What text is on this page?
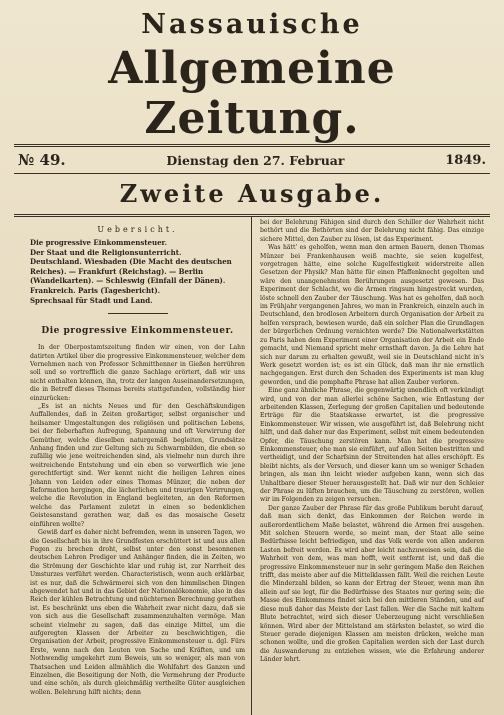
Nassauische
Allgemeine Zeitung.
№ 49.	Dienstag den 27. Februar	1849.
Zweite Ausgabe.
Uebersicht.

Die progressive Einkommensteuer.

Der Staat und die Religionsunterricht.

Deutschland. Wiesbaden (Die Macht des deutschen Reiches). — Frankfurt (Reichstag). — Berlin (Wandelkarten). — Schleswig (Einfall der Dänen).

Frankreich. Paris (Tagesbericht).

Sprechsaal für Stadt und Land.

Die progressive Einkommensteuer.

In der Oberpostamtszeitung finden wir einen, von der Lahn datirten Artikel über die progressive Einkommensteuer, welcher dem Vernehmen nach von Professor Schmitthenner in Gießen herrühren soll und so vortrefflich die ganze Sachlage erörtert, daß wir uns nicht enthalten können, ihn, trotz der langen Auseinandersetzungen, die in Betreff dieses Themas bereits stattgefunden, vollständig hier einzurücken:

„Es ist an nichts Neues und für den Geschäftskundigen Auffallendes, daß in Zeiten großartiger, selbst organischer und heilsamer Umgestaltungen des religiösen und politischen Lebens, bei der fieberhaften Aufregung, Spannung und oft Verwirrung der Gemüther, welche dieselben naturgemäß begleiten, Grundsätze Anhang finden und zur Geltung sich zu Schwarmbilden, die eben so zufällig wie jene weitreichenden sind, als vielmehr nun durch ihre weitreichende Entstehung und ein eben so verwerflich wie jene gerechtfertigt sind. Wer kennt nicht die heiligen Lehren eines Johann von Leiden oder eines Thomas Münzer, die neben der Reformation hergingen, die lächerlichen und traurigen Verirrungen, welche die Revolution in England begleiteten, an den Reformen welche das Parlament zuletzt in einen so bedenklichen Geistesanstand gerathen war, daß es das mosaische Gesetz einführen wollte?

Gewiß darf es daher nicht befremden, wenn in unseren Tagen, wo die Gesellschaft bis in ihre Grundfesten erschüttert ist und aus allen Fugen zu brechen droht, selbst unter den sonst besonnenen deutschen Lehren Prediger und Anhänger finden, die in Zeiten, wo die Strömung der Geschichte klar und ruhig ist, zur Narrheit des Umsturzes verführt werden. Characteristisch, wenn auch erklärbar, ist es nur, daß die Schwärmerei sich von den himmlischen Dingen abgewendet hat und in das Gebiet der Nationalökonomie, also in das Reich der kühlen Betrachtung und nüchternen Berechnung gerathen ist. Es beschränkt uns eben die Wahrheit zwar nicht dazu, daß sie von sich aus die Gesellschaft zusammenzuhalten vermöge. Man scheint vielmehr zu sagen, daß das einzige Mittel, um die aufgeregten Klassen der Arbeiter zu beschwichtigen, die Organisation der Arbeit, progressive Einkommensteuer u. dgl. Fürs Erste, wenn nach den Leuten von Sache und Kräften, und um Nothwendig umgekehrt zum Beweis, um so weniger, als man von Thatsachen und Leiden allmählich die Wohlfahrt des Ganzen und Einzelnen, die Beseitigung der Noth, die Vermehrung der Producte und eine schön, als durch gleichmäßig vertheilte Güter ausgleichen wollen. Belehrung hilft nichts; denn

bei der Belehrung Fähigen sind durch den Schiller der Wahrheit nicht bethört und die Bethörten sind der Belehrung nicht fähig. Das einzige sichere Mittel, den Zauber zu lösen, ist das Experiment.

Was hätt' es geholfen, wenn man den armen Bauern, denen Thomas Münzer bei Frankenhausen weiß machte, sie seien kugelfest, vorgetragen hätte, eine solche Kugelfestigkeit widerstreite allen Gesetzen der Physik? Man hätte für einen Pfaffenknecht gegolten und wäre den unangenehmsten Berührungen ausgesetzt gewesen. Das Experiment der Schlacht, wo die Armen ringsum hingestreckt wurden, löste schnell den Zauber der Täuschung. Was hat es geholfen, daß noch im Frühjahr vergangenen Jahres, wo man in Frankreich, einzeln auch in Deutschland, den brodlosen Arbeitern durch Organisation der Arbeit zu helfen versprach, bewiesen wurde, daß ein solcher Plan die Grundlagen der bürgerlichen Ordnung vernichten werde? Die Nationalwerkstätten zu Paris haben dem Experiment einer Organisation der Arbeit ein Ende gemacht, und Niemand spricht mehr ernsthaft davon. Ja die Lehre hat sich nur darum zu erhalten gewußt, weil sie in Deutschland nicht in's Werk gesetzt worden ist; es ist ein Glück, daß man ihr nie ernstlich nachgegangen. Erst durch den Schaden des Experiments ist man klug geworden, und die pomphafte Phrase hat allen Zauber verloren.

Eine ganz ähnliche Phrase, die gegenwärtig unendlich oft verkündigt wird, und von der man allerlei schöne Sachen, wie Entlastung der arbeitenden Klassen, Zerlegung der großen Capitalien und bedeutende Erträge für die Staatskasse erwartet, ist die progressive Einkommensteuer. Wir wissen, wie ausgeführt ist, daß Belehrung nicht hilft, und daß daher nur das Experiment, selbst mit einem bedeutenden Opfer, die Täuschung zerstören kann. Man hat die progressive Einkommensteuer, ehe man sie einführt, auf allen Seiten bestritten und vertheidigt, und der Scharfsinn der Streitenden hat alles erschöpft. Es bleibt nichts, als der Versuch, und dieser kann um so weniger Schaden bringen, als man ihn leicht wieder aufgeben kann, wenn sich das Unhaltbare dieser Steuer herausgestellt hat. Daß wir nur den Schleier der Phrase zu lüften brauchen, um die Täuschung zu zerstören, wollen wir im Folgenden zu zeigen versuchen.

Der ganze Zauber der Phrase für das große Publikum beruht darauf, daß man sich denkt, das Einkommen der Reichen werde in außerordentlichem Maße belastet, während die Armen frei ausgehen. Mit solchen Steuern werde, so meint man, der Staat alle seine Bedürfnisse leicht befriedigen, und das Volk werde von allen anderen Lasten befreit werden. Es wird aber leicht nachzuweisen sein, daß die Wahrheit von dem, was man hofft, weit entfernt ist, und daß die progressive Einkommensteuer nur in sehr geringem Maße den Reichen trifft, das meiste aber auf die Mittelklassen fällt. Weil die reichen Leute die Minderzahl bilden, so kann der Ertrag der Steuer, wenn man ihn allein auf sie legt, für die Bedürfnisse des Staates nur gering sein; die Masse des Einkommens findet sich bei den mittleren Ständen, und auf diese muß daher das Meiste der Last fallen. Wer die Sache mit kaltem Blute betrachtet, wird sich dieser Ueberzeugung nicht verschließen können. Wird aber der Mittelstand am stärksten belastet, so wird die Steuer gerade diejenigen Klassen am meisten drücken, welche man schonen wollte, und die großen Capitalien werden sich der Last durch die Auswanderung zu entziehen wissen, wie die Erfahrung anderer Länder lehrt.
